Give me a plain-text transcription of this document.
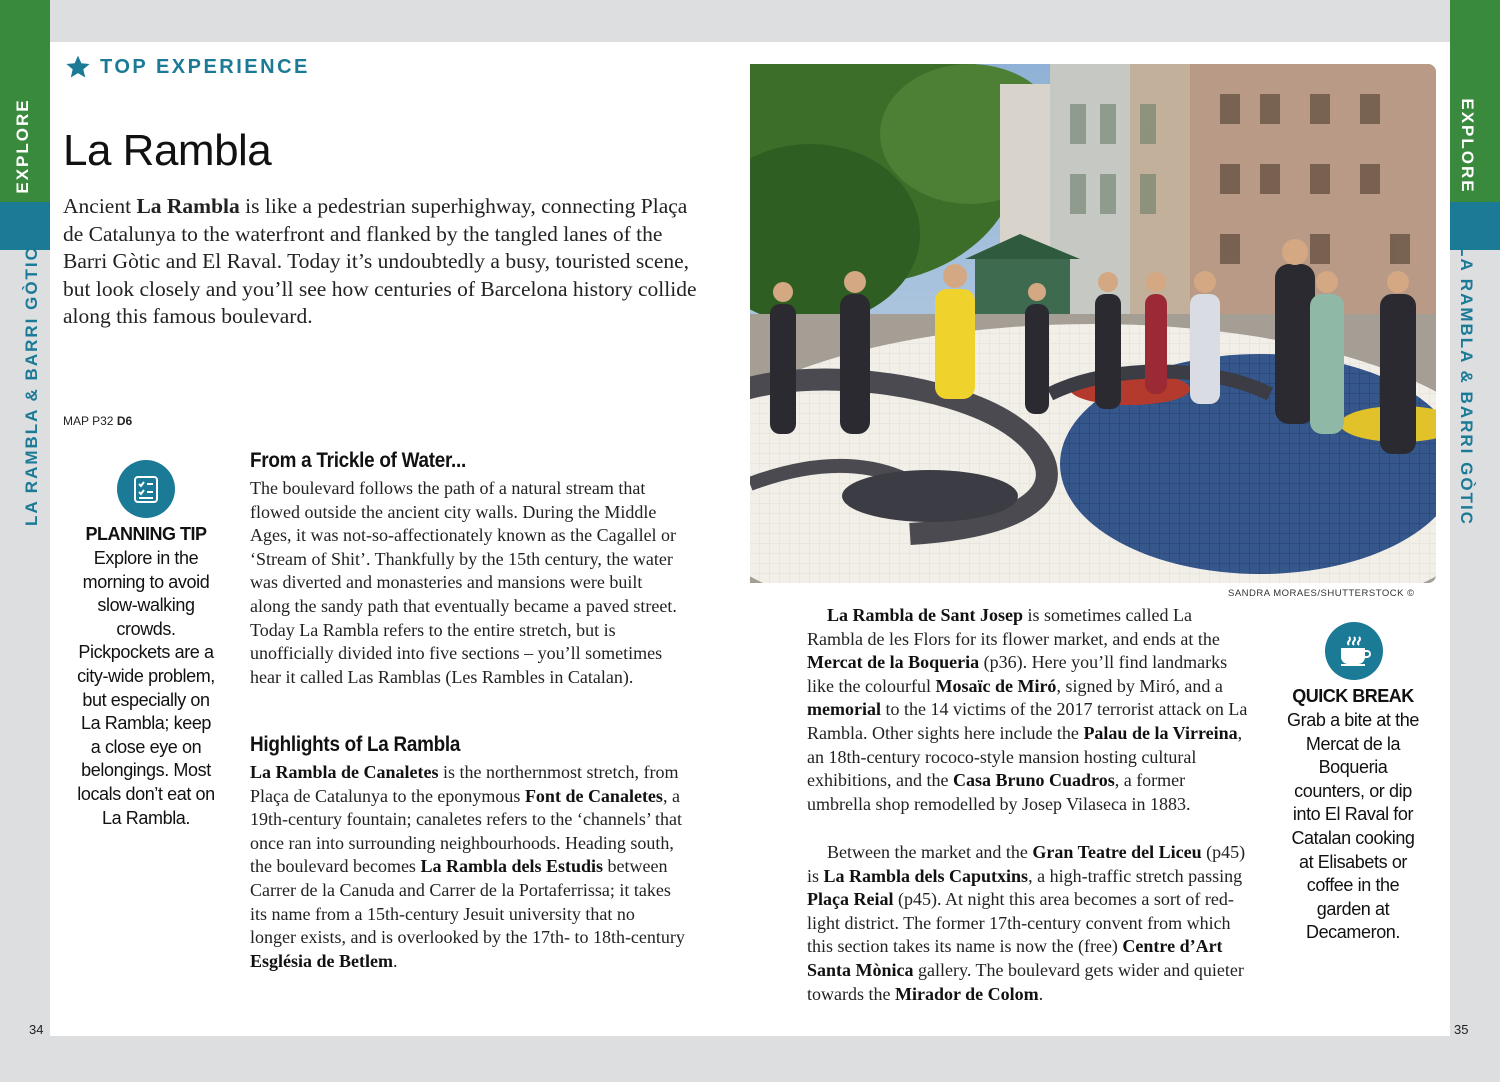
EXPLORE
LA RAMBLA & BARRI GÒTIC
EXPLORE
LA RAMBLA & BARRI GÒTIC
TOP EXPERIENCE
La Rambla

Ancient La Rambla is like a pedestrian superhighway, connecting Plaça de Catalunya to the waterfront and flanked by the tangled lanes of the Barri Gòtic and El Raval. Today it’s undoubtedly a busy, touristed scene, but look closely and you’ll see how centuries of Barcelona history collide along this famous boulevard.

MAP P32 D6
PLANNING TIP
Explore in the morning to avoid slow-walking crowds. Pickpockets are a city-wide problem, but especially on La Rambla; keep a close eye on belongings. Most locals don’t eat on La Rambla.
From a Trickle of Water...

The boulevard follows the path of a natural stream that flowed outside the ancient city walls. During the Middle Ages, it was not-so-affectionately known as the Cagallel or ‘Stream of Shit’. Thankfully by the 15th century, the water was diverted and monasteries and mansions were built along the sandy path that eventually became a paved street. Today La Rambla refers to the entire stretch, but is unofficially divided into five sections – you’ll sometimes hear it called Las Ramblas (Les Rambles in Catalan).

Highlights of La Rambla

La Rambla de Canaletes is the northernmost stretch, from Plaça de Catalunya to the eponymous Font de Canaletes, a 19th-century fountain; canaletes refers to the ‘channels’ that once ran into surrounding neighbourhoods. Heading south, the boulevard becomes La Rambla dels Estudis between Carrer de la Canuda and Carrer de la Portaferrissa; it takes its name from a 15th-century Jesuit university that no longer exists, and is overlooked by the 17th- to 18th-century Església de Betlem.

SANDRA MORAES/SHUTTERSTOCK ©

La Rambla de Sant Josep is sometimes called La Rambla de les Flors for its flower market, and ends at the Mercat de la Boqueria (p36). Here you’ll find landmarks like the colourful Mosaïc de Miró, signed by Miró, and a memorial to the 14 victims of the 2017 terrorist attack on La Rambla. Other sights here include the Palau de la Virreina, an 18th-century rococo-style mansion hosting cultural exhibitions, and the Casa Bruno Cuadros, a former umbrella shop remodelled by Josep Vilaseca in 1883.

Between the market and the Gran Teatre del Liceu (p45) is La Rambla dels Caputxins, a high-traffic stretch passing Plaça Reial (p45). At night this area becomes a sort of red-light district. The former 17th-century convent from which this section takes its name is now the (free) Centre d’Art Santa Mònica gallery. The boulevard gets wider and quieter towards the Mirador de Colom.

QUICK BREAK
Grab a bite at the Mercat de la Boqueria counters, or dip into El Raval for Catalan cooking at Elisabets or coffee in the garden at Decameron.
34	35
